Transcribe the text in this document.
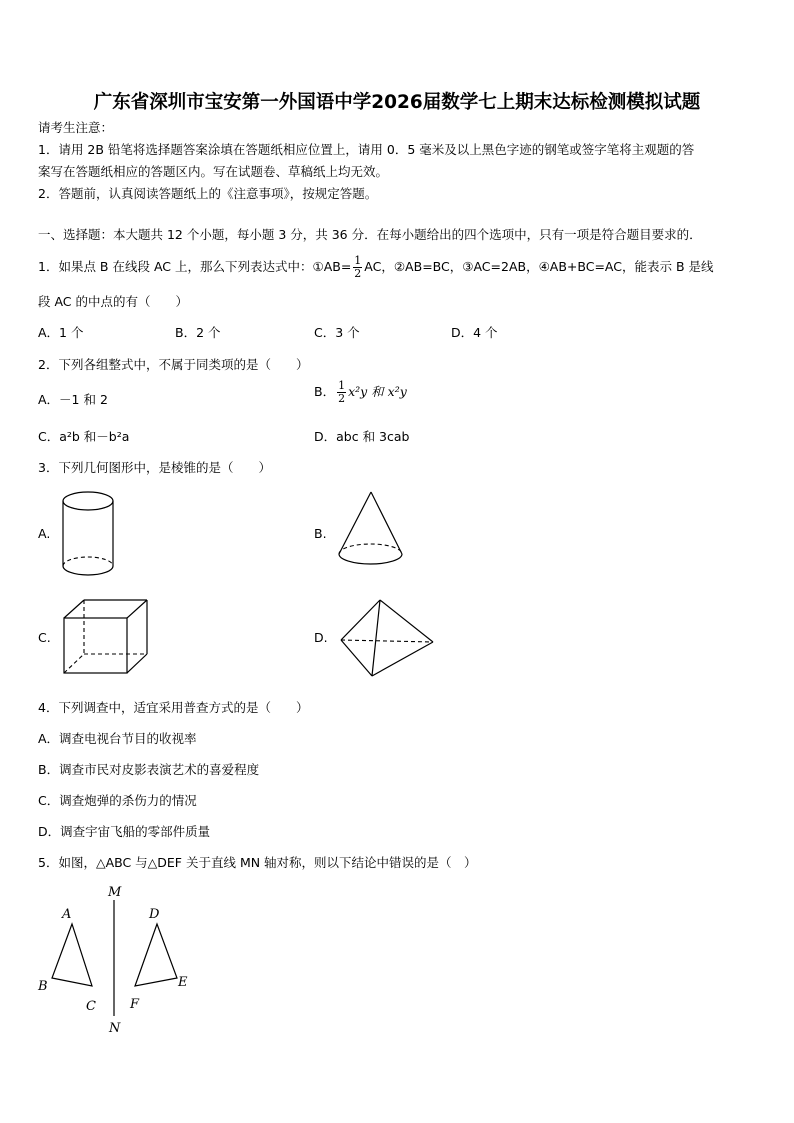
广东省深圳市宝安第一外国语中学2026届数学七上期末达标检测模拟试题
请考生注意：
1．请用 2B 铅笔将选择题答案涂填在答题纸相应位置上，请用 0．5 毫米及以上黑色字迹的钢笔或签字笔将主观题的答
案写在答题纸相应的答题区内。写在试题卷、草稿纸上均无效。
2．答题前，认真阅读答题纸上的《注意事项》，按规定答题。
一、选择题：本大题共 12 个小题，每小题 3 分，共 36 分．在每小题给出的四个选项中，只有一项是符合题目要求的．
1．如果点 B 在线段 AC 上，那么下列表达式中：①AB= $\frac{1}{2}$ AC，②AB=BC，③AC=2AB，④AB+BC=AC，能表示 B 是线
段 AC 的中点的有（　　）
A．1 个	B．2 个	C．3 个	D．4 个
2．下列各组整式中，不属于同类项的是（　　）
A．－1 和 2
B． $\frac{1}{2} x^2y$ 和 x²y
C．a²b 和－b²a	D．abc 和 3cab
3．下列几何图形中，是棱锥的是（　　）
A.	B.
C.	D.
4．下列调查中，适宜采用普查方式的是（　　）
A．调查电视台节目的收视率
B．调查市民对皮影表演艺术的喜爱程度
C．调查炮弹的杀伤力的情况
D．调查宇宙飞船的零部件质量
5．如图，△ABC 与△DEF 关于直线 MN 轴对称，则以下结论中错误的是（　）
M
N
A
B
C
D
E
F
